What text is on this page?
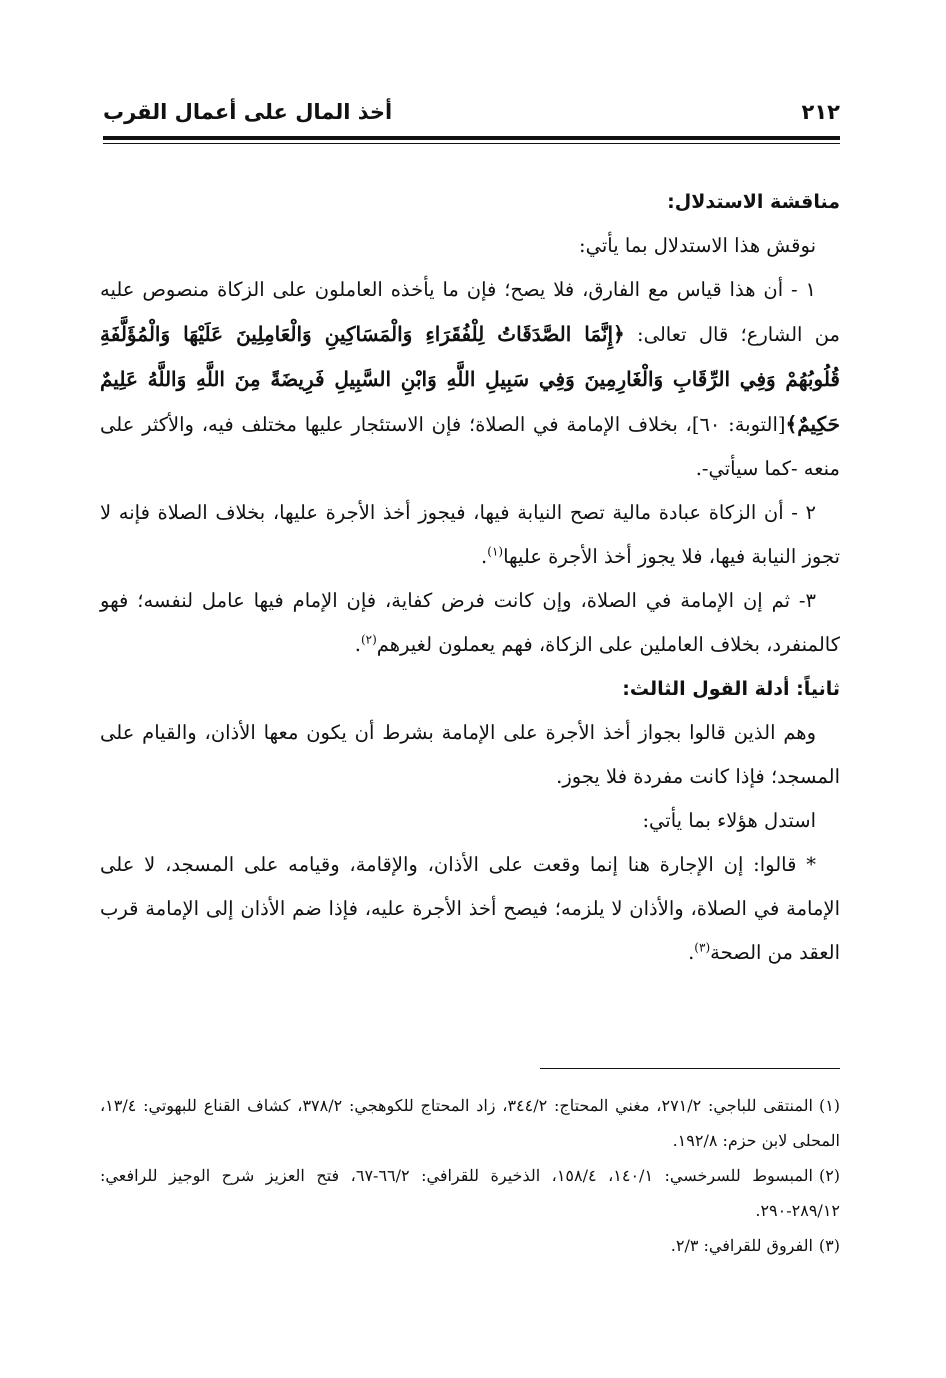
أخذ المال على أعمال القرب	٢١٢

مناقشة الاستدلال:

نوقش هذا الاستدلال بما يأتي:

١ - أن هذا قياس مع الفارق، فلا يصح؛ فإن ما يأخذه العاملون على الزكاة منصوص عليه من الشارع؛ قال تعالى: ﴿إِنَّمَا الصَّدَقَاتُ لِلْفُقَرَاءِ وَالْمَسَاكِينِ وَالْعَامِلِينَ عَلَيْهَا وَالْمُؤَلَّفَةِ قُلُوبُهُمْ وَفِي الرِّقَابِ وَالْغَارِمِينَ وَفِي سَبِيلِ اللَّهِ وَابْنِ السَّبِيلِ فَرِيضَةً مِنَ اللَّهِ وَاللَّهُ عَلِيمٌ حَكِيمٌ﴾[التوبة: ٦٠]، بخلاف الإمامة في الصلاة؛ فإن الاستئجار عليها مختلف فيه، والأكثر على منعه -كما سيأتي-.

٢ - أن الزكاة عبادة مالية تصح النيابة فيها، فيجوز أخذ الأجرة عليها، بخلاف الصلاة فإنه لا تجوز النيابة فيها، فلا يجوز أخذ الأجرة عليها$^{(١)}$.

٣- ثم إن الإمامة في الصلاة، وإن كانت فرض كفاية، فإن الإمام فيها عامل لنفسه؛ فهو كالمنفرد، بخلاف العاملين على الزكاة، فهم يعملون لغيرهم$^{(٢)}$.

ثانياً: أدلة القول الثالث:

وهم الذين قالوا بجواز أخذ الأجرة على الإمامة بشرط أن يكون معها الأذان، والقيام على المسجد؛ فإذا كانت مفردة فلا يجوز.

استدل هؤلاء بما يأتي:

* قالوا: إن الإجارة هنا إنما وقعت على الأذان، والإقامة، وقيامه على المسجد، لا على الإمامة في الصلاة، والأذان لا يلزمه؛ فيصح أخذ الأجرة عليه، فإذا ضم الأذان إلى الإمامة قرب العقد من الصحة$^{(٣)}$.

(١)المنتقى للباجي: ٢٧١/٢، مغني المحتاج: ٣٤٤/٢، زاد المحتاج للكوهجي: ٣٧٨/٢، كشاف القناع للبهوتي: ١٣/٤، المحلى لابن حزم: ١٩٢/٨.

(٢)المبسوط للسرخسي: ١٤٠/١، ١٥٨/٤، الذخيرة للقرافي: ٦٦/٢-٦٧، فتح العزيز شرح الوجيز للرافعي: ٢٨٩/١٢-٢٩٠.

(٣)الفروق للقرافي: ٢/٣.
